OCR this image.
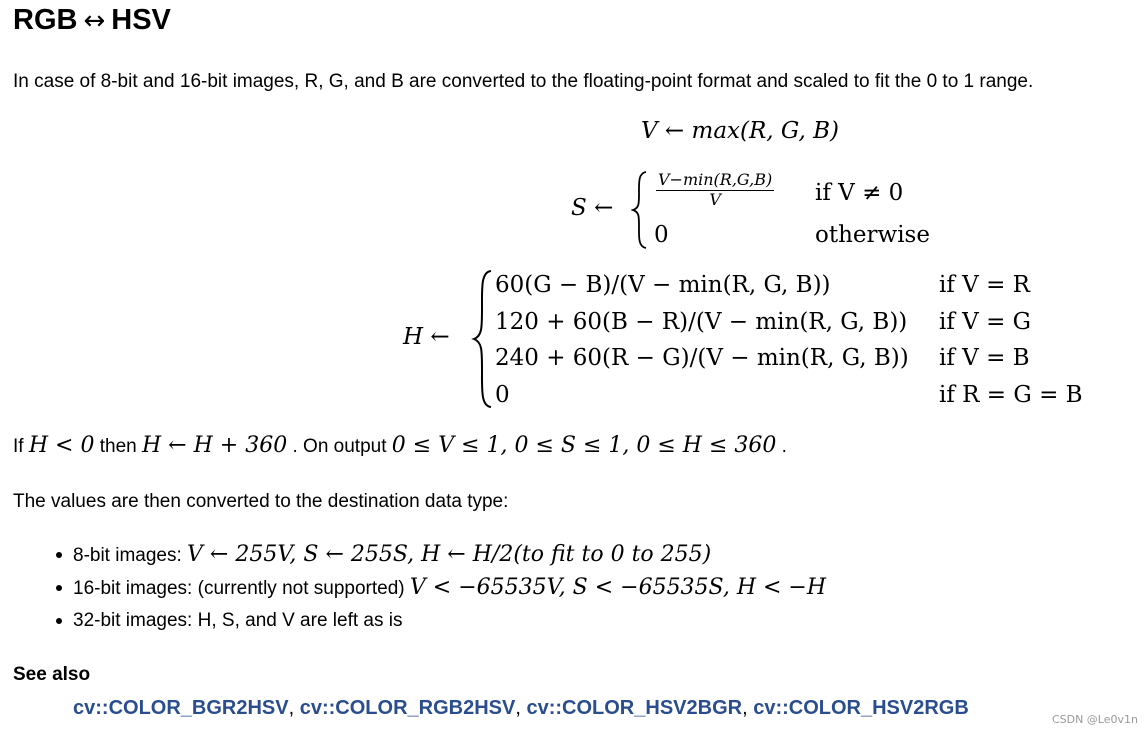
RGB ↔ HSV

In case of 8-bit and 16-bit images, R, G, and B are converted to the floating-point format and scaled to fit the 0 to 1 range.

V ← max(R, G, B)
S ←
V−min(R,G,B)
V	if V ≠ 0
0	otherwise
H ←
60(G − B)/(V − min(R, G, B))	if V = R
120 + 60(B − R)/(V − min(R, G, B)) if V = G
240 + 60(R − G)/(V − min(R, G, B)) if V = B
0	if R = G = B

If H < 0 then H ← H + 360 . On output 0 ≤ V ≤ 1, 0 ≤ S ≤ 1, 0 ≤ H ≤ 360 .

The values are then converted to the destination data type:

8-bit images: V ← 255V, S ← 255S, H ← H/2(to fit to 0 to 255)
16-bit images: (currently not supported) V < −65535V, S < −65535S, H < −H
32-bit images: H, S, and V are left as is
See also
cv::COLOR_BGR2HSV, cv::COLOR_RGB2HSV, cv::COLOR_HSV2BGR, cv::COLOR_HSV2RGB
CSDN @Le0v1n
